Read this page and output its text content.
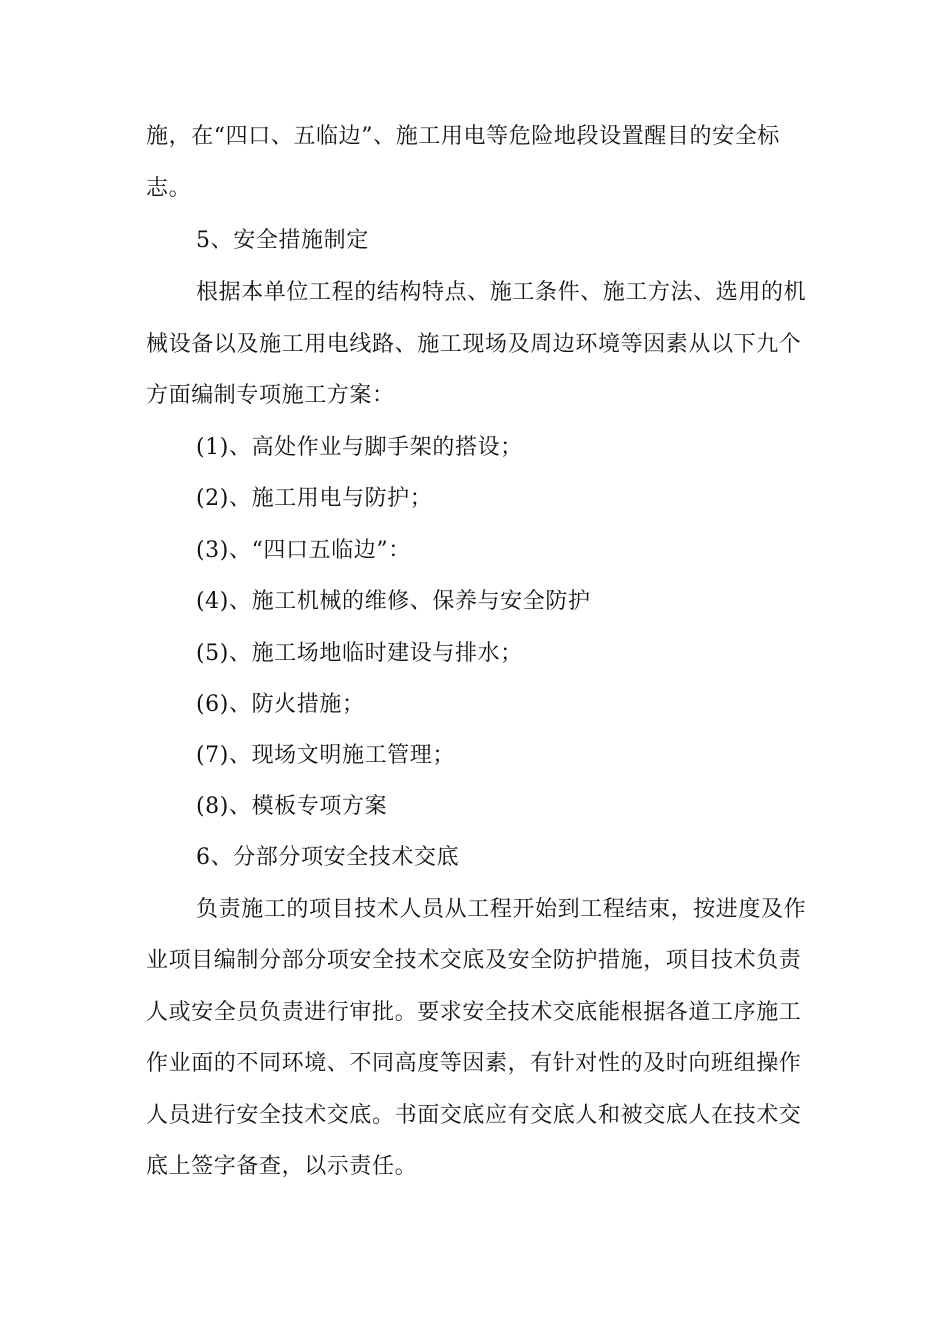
施，在“四口、五临边”、施工用电等危险地段设置醒目的安全标
志。
5、安全措施制定
根据本单位工程的结构特点、施工条件、施工方法、选用的机
械设备以及施工用电线路、施工现场及周边环境等因素从以下九个
方面编制专项施工方案：
(1)、高处作业与脚手架的搭设；
(2)、施工用电与防护；
(3)、“四口五临边”：
(4)、施工机械的维修、保养与安全防护
(5)、施工场地临时建设与排水；
(6)、防火措施；
(7)、现场文明施工管理；
(8)、模板专项方案
6、分部分项安全技术交底
负责施工的项目技术人员从工程开始到工程结束，按进度及作
业项目编制分部分项安全技术交底及安全防护措施，项目技术负责
人或安全员负责进行审批。要求安全技术交底能根据各道工序施工
作业面的不同环境、不同高度等因素，有针对性的及时向班组操作
人员进行安全技术交底。书面交底应有交底人和被交底人在技术交
底上签字备查，以示责任。
